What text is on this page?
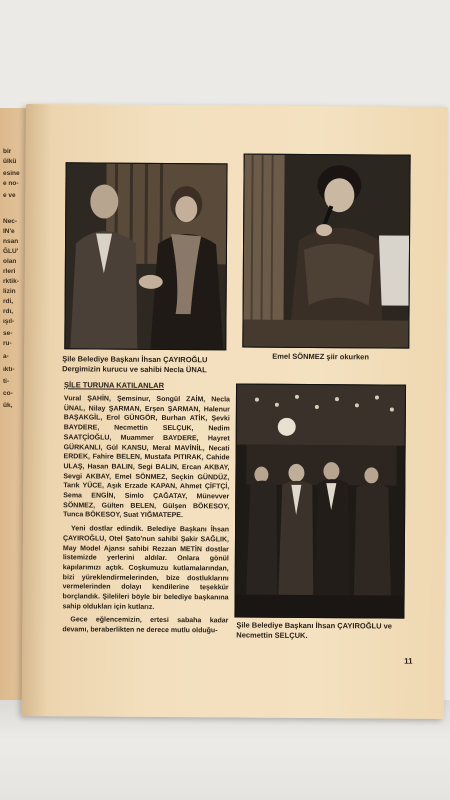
bir
ülkü
esine
e no-
e ve
Nec-
IN'e
nsan
ĞLU'
olan
rleri
rktik-
lizin
rdi,
rdı,
ışıl-
se-
ru-
a-
ıktı-
ti-
co-
ük,
Şile Belediye Başkanı İhsan ÇAYIROĞLU Dergimizin kurucu ve sahibi Necla ÜNAL
Emel SÖNMEZ şiir okurken
ŞİLE TURUNA KATILANLAR

Vural ŞAHİN, Şemsinur, Songül ZAİM, Necla ÜNAL, Nilay ŞARMAN, Erşen ŞARMAN, Halenur BAŞAKGİL, Erol GÜNGÖR, Burhan ATİK, Şevki BAYDERE, Necmettin SELÇUK, Nedim SAATÇİOĞLU, Muammer BAYDERE, Hayret GÜRKANLI, Gül KANSU, Meral MAVİNİL, Necati ERDEK, Fahire BELEN, Mustafa PITIRAK, Cahide ULAŞ, Hasan BALIN, Segi BALIN, Ercan AKBAY, Sevgi AKBAY, Emel SÖNMEZ, Seçkin GÜNDÜZ, Tarık YÜCE, Aşık Erzade KAPAN, Ahmet ÇİFTÇİ, Sema ENGİN, Simlo ÇAĞATAY, Münevver SÖNMEZ, Gülten BELEN, Gülşen BÖKESOY, Tunca BÖKESOY, Suat YIĞMATEPE.

Yeni dostlar edindik. Belediye Başkanı İhsan ÇAYIROĞLU, Otel Şato'nun sahibi Şakir SAĞLIK, May Model Ajansı sahibi Rezzan METİN dostlar listemizde yerlerini aldılar. Onlara gönül kapılarımızı açtık. Coşkumuzu kutlamalarından, bizi yüreklendirmelerinden, bize dostluklarını vermelerinden dolayı kendilerine teşekkür borçlandık. Şilelileri böyle bir belediye başkanına sahip oldukları için kutlarız.

Gece eğlencemizin, ertesi sabaha kadar devamı, beraberlikten ne derece mutlu olduğu-	Şile Belediye Başkanı İhsan ÇAYIROĞLU ve Necmettin SELÇUK.
11
